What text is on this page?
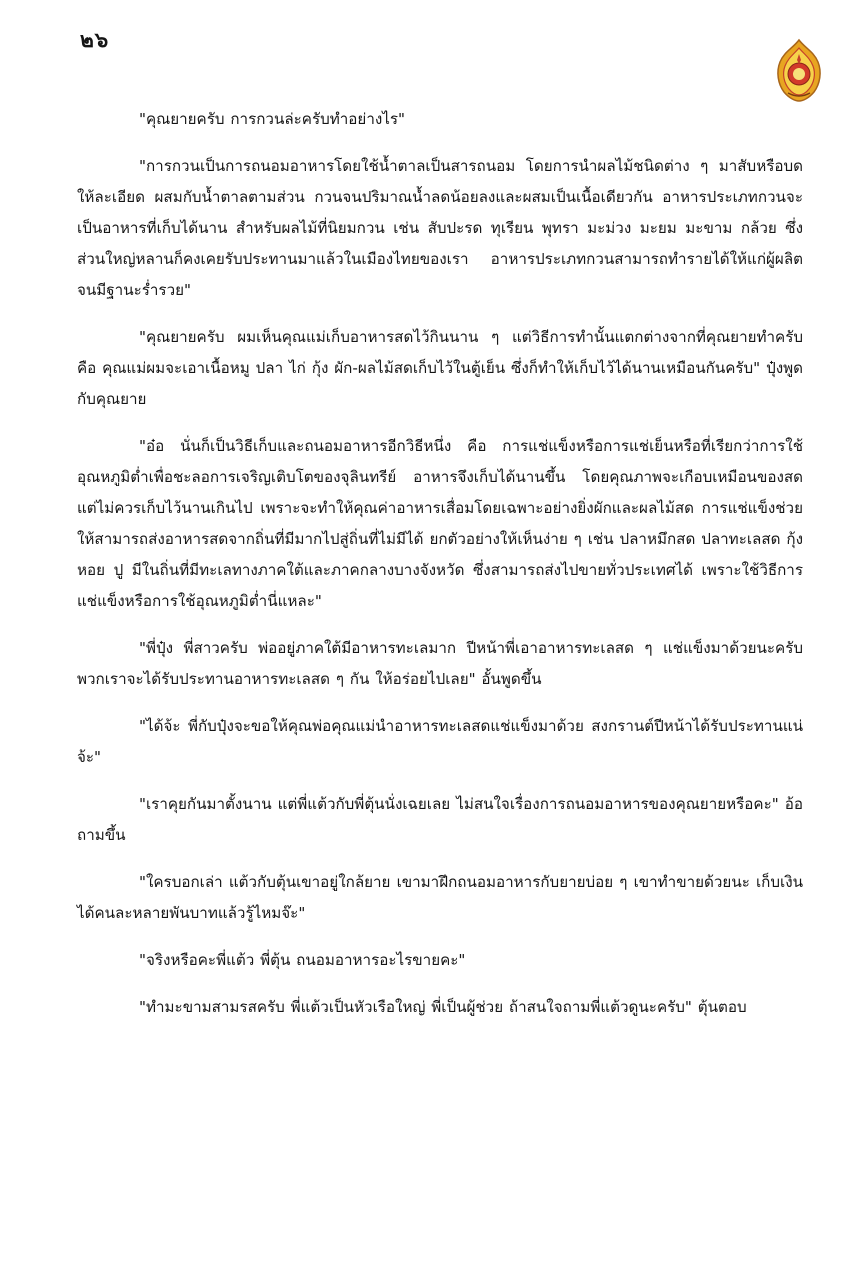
๒๖

"คุณยายครับ การกวนล่ะครับทำอย่างไร"

"การกวนเป็นการถนอมอาหารโดยใช้น้ำตาลเป็นสารถนอม โดยการนำผลไม้ชนิดต่าง ๆ มาสับหรือบดให้ละเอียด ผสมกับน้ำตาลตามส่วน กวนจนปริมาณน้ำลดน้อยลงและผสมเป็นเนื้อเดียวกัน อาหารประเภทกวนจะเป็นอาหารที่เก็บได้นาน สำหรับผลไม้ที่นิยมกวน เช่น สับปะรด ทุเรียน พุทรา มะม่วง มะยม มะขาม กล้วย ซึ่งส่วนใหญ่หลานก็คงเคยรับประทานมาแล้วในเมืองไทยของเรา อาหารประเภทกวนสามารถทำรายได้ให้แก่ผู้ผลิตจนมีฐานะร่ำรวย"

"คุณยายครับ ผมเห็นคุณแม่เก็บอาหารสดไว้กินนาน ๆ แต่วิธีการทำนั้นแตกต่างจากที่คุณยายทำครับ คือ คุณแม่ผมจะเอาเนื้อหมู ปลา ไก่ กุ้ง ผัก-ผลไม้สดเก็บไว้ในตู้เย็น ซึ่งก็ทำให้เก็บไว้ได้นานเหมือนกันครับ" ปุ๋งพูดกับคุณยาย

"อ๋อ นั่นก็เป็นวิธีเก็บและถนอมอาหารอีกวิธีหนึ่ง คือ การแช่แข็งหรือการแช่เย็นหรือที่เรียกว่าการใช้อุณหภูมิต่ำเพื่อชะลอการเจริญเติบโตของจุลินทรีย์ อาหารจึงเก็บได้นานขึ้น โดยคุณภาพจะเกือบเหมือนของสด แต่ไม่ควรเก็บไว้นานเกินไป เพราะจะทำให้คุณค่าอาหารเสื่อมโดยเฉพาะอย่างยิ่งผักและผลไม้สด การแช่แข็งช่วยให้สามารถส่งอาหารสดจากถิ่นที่มีมากไปสู่ถิ่นที่ไม่มีได้ ยกตัวอย่างให้เห็นง่าย ๆ เช่น ปลาหมึกสด ปลาทะเลสด กุ้ง หอย ปู มีในถิ่นที่มีทะเลทางภาคใต้และภาคกลางบางจังหวัด ซึ่งสามารถส่งไปขายทั่วประเทศได้ เพราะใช้วิธีการแช่แข็งหรือการใช้อุณหภูมิต่ำนี่แหละ"

"พี่ปุ๋ง พี่สาวครับ พ่ออยู่ภาคใต้มีอาหารทะเลมาก ปีหน้าพี่เอาอาหารทะเลสด ๆ แช่แข็งมาด้วยนะครับ พวกเราจะได้รับประทานอาหารทะเลสด ๆ กัน ให้อร่อยไปเลย" อั้นพูดขึ้น

"ได้จ้ะ พี่กับปุ๋งจะขอให้คุณพ่อคุณแม่นำอาหารทะเลสดแช่แข็งมาด้วย สงกรานต์ปีหน้าได้รับประทานแน่จ้ะ"

"เราคุยกันมาตั้งนาน แต่พี่แต้วกับพี่ตุ้นนั่งเฉยเลย ไม่สนใจเรื่องการถนอมอาหารของคุณยายหรือคะ" อ้อถามขึ้น

"ใครบอกเล่า แต้วกับตุ้นเขาอยู่ใกล้ยาย เขามาฝึกถนอมอาหารกับยายบ่อย ๆ เขาทำขายด้วยนะ เก็บเงินได้คนละหลายพันบาทแล้วรู้ไหมจ๊ะ"

"จริงหรือคะพี่แต้ว พี่ตุ้น ถนอมอาหารอะไรขายคะ"

"ทำมะขามสามรสครับ พี่แต้วเป็นหัวเรือใหญ่ พี่เป็นผู้ช่วย ถ้าสนใจถามพี่แต้วดูนะครับ" ตุ้นตอบ
